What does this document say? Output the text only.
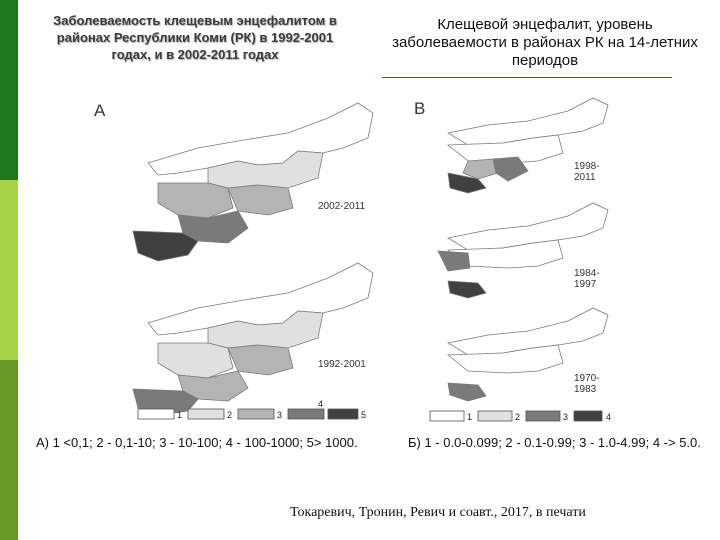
Заболеваемость клещевым энцефалитом в районах Республики Коми (РК) в 1992-2001 годах, и в 2002-2011 годах
Клещевой энцефалит, уровень заболеваемости в районах РК на 14-летних периодов
A
1	2	3
4
5
2002-2011
1992-2001
B
1	2	3	4
1998-2011
1984-1997
1970-1983
А) 1 <0,1; 2 - 0,1-10; 3 - 10-100; 4 - 100-1000; 5> 1000.	Б) 1 - 0.0-0.099; 2 - 0.1-0.99; 3 - 1.0-4.99; 4 -> 5.0.
Токаревич, Тронин, Ревич и соавт., 2017, в печати
